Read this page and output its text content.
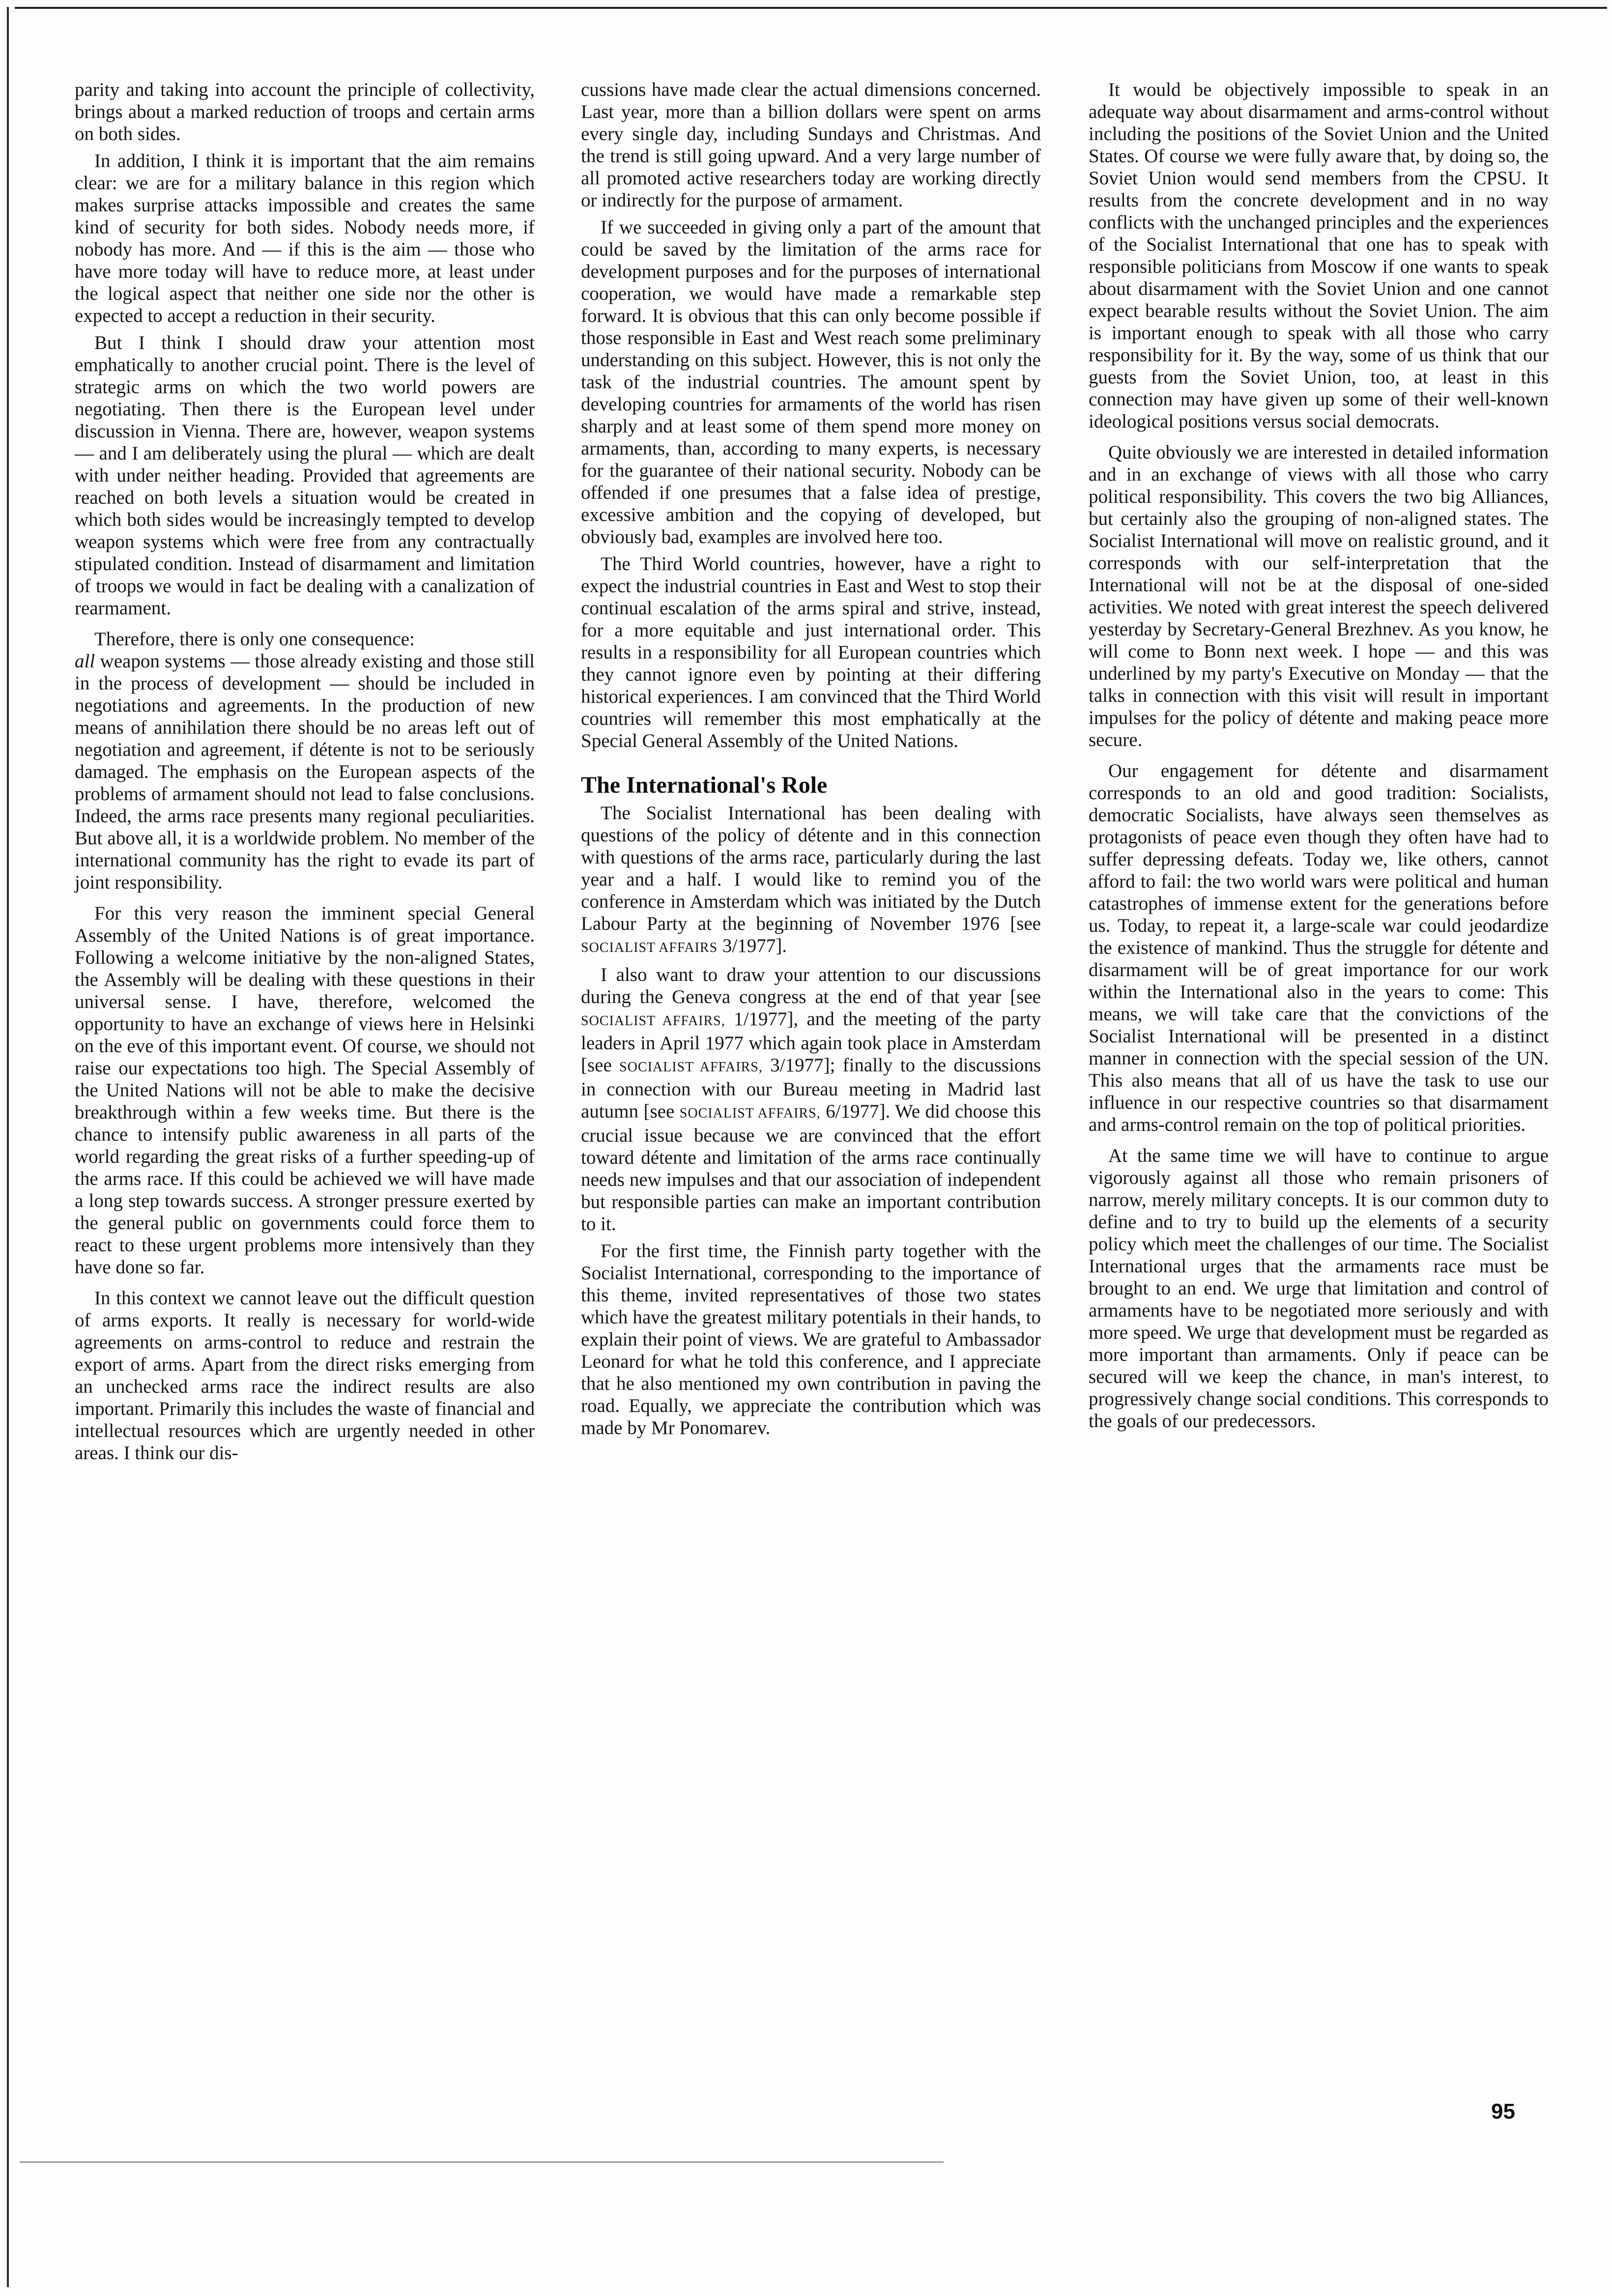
parity and taking into account the principle of collectivity, brings about a marked reduction of troops and certain arms on both sides.

In addition, I think it is important that the aim remains clear: we are for a military balance in this region which makes surprise attacks impossible and creates the same kind of security for both sides. Nobody needs more, if nobody has more. And — if this is the aim — those who have more today will have to reduce more, at least under the logical aspect that neither one side nor the other is expected to accept a reduction in their security.

But I think I should draw your attention most emphatically to another crucial point. There is the level of strategic arms on which the two world powers are negotiating. Then there is the European level under discussion in Vienna. There are, however, weapon systems — and I am deliberately using the plural — which are dealt with under neither heading. Provided that agreements are reached on both levels a situation would be created in which both sides would be increasingly tempted to develop weapon systems which were free from any contractually stipulated condition. Instead of disarmament and limitation of troops we would in fact be dealing with a canalization of rearmament.

Therefore, there is only one consequence:
all weapon systems — those already existing and those still in the process of development — should be included in negotiations and agreements. In the production of new means of annihilation there should be no areas left out of negotiation and agreement, if détente is not to be seriously damaged. The emphasis on the European aspects of the problems of armament should not lead to false conclusions. Indeed, the arms race presents many regional peculiarities. But above all, it is a worldwide problem. No member of the international community has the right to evade its part of joint responsibility.

For this very reason the imminent special General Assembly of the United Nations is of great importance. Following a welcome initiative by the non-aligned States, the Assembly will be dealing with these questions in their universal sense. I have, therefore, welcomed the opportunity to have an exchange of views here in Helsinki on the eve of this important event. Of course, we should not raise our expectations too high. The Special Assembly of the United Nations will not be able to make the decisive breakthrough within a few weeks time. But there is the chance to intensify public awareness in all parts of the world regarding the great risks of a further speeding-up of the arms race. If this could be achieved we will have made a long step towards success. A stronger pressure exerted by the general public on governments could force them to react to these urgent problems more intensively than they have done so far.

In this context we cannot leave out the difficult question of arms exports. It really is necessary for world-wide agreements on arms-control to reduce and restrain the export of arms. Apart from the direct risks emerging from an unchecked arms race the indirect results are also important. Primarily this includes the waste of financial and intellectual resources which are urgently needed in other areas. I think our dis-

cussions have made clear the actual dimensions concerned. Last year, more than a billion dollars were spent on arms every single day, including Sundays and Christmas. And the trend is still going upward. And a very large number of all promoted active researchers today are working directly or indirectly for the purpose of armament.

If we succeeded in giving only a part of the amount that could be saved by the limitation of the arms race for development purposes and for the purposes of international cooperation, we would have made a remarkable step forward. It is obvious that this can only become possible if those responsible in East and West reach some preliminary understanding on this subject. However, this is not only the task of the industrial countries. The amount spent by developing countries for armaments of the world has risen sharply and at least some of them spend more money on armaments, than, according to many experts, is necessary for the guarantee of their national security. Nobody can be offended if one presumes that a false idea of prestige, excessive ambition and the copying of developed, but obviously bad, examples are involved here too.

The Third World countries, however, have a right to expect the industrial countries in East and West to stop their continual escalation of the arms spiral and strive, instead, for a more equitable and just international order. This results in a responsibility for all European countries which they cannot ignore even by pointing at their differing historical experiences. I am convinced that the Third World countries will remember this most emphatically at the Special General Assembly of the United Nations.

The International's Role

The Socialist International has been dealing with questions of the policy of détente and in this connection with questions of the arms race, particularly during the last year and a half. I would like to remind you of the conference in Amsterdam which was initiated by the Dutch Labour Party at the beginning of November 1976 [see SOCIALIST AFFAIRS 3/1977].

I also want to draw your attention to our discussions during the Geneva congress at the end of that year [see SOCIALIST AFFAIRS, 1/1977], and the meeting of the party leaders in April 1977 which again took place in Amsterdam [see SOCIALIST AFFAIRS, 3/1977]; finally to the discussions in connection with our Bureau meeting in Madrid last autumn [see SOCIALIST AFFAIRS, 6/1977]. We did choose this crucial issue because we are convinced that the effort toward détente and limitation of the arms race continually needs new impulses and that our association of independent but responsible parties can make an important contribution to it.

For the first time, the Finnish party together with the Socialist International, corresponding to the importance of this theme, invited representatives of those two states which have the greatest military potentials in their hands, to explain their point of views. We are grateful to Ambassador Leonard for what he told this conference, and I appreciate that he also mentioned my own contribution in paving the road. Equally, we appreciate the contribution which was made by Mr Ponomarev.

It would be objectively impossible to speak in an adequate way about disarmament and arms-control without including the positions of the Soviet Union and the United States. Of course we were fully aware that, by doing so, the Soviet Union would send members from the CPSU. It results from the concrete development and in no way conflicts with the unchanged principles and the experiences of the Socialist International that one has to speak with responsible politicians from Moscow if one wants to speak about disarmament with the Soviet Union and one cannot expect bearable results without the Soviet Union. The aim is important enough to speak with all those who carry responsibility for it. By the way, some of us think that our guests from the Soviet Union, too, at least in this connection may have given up some of their well-known ideological positions versus social democrats.

Quite obviously we are interested in detailed information and in an exchange of views with all those who carry political responsibility. This covers the two big Alliances, but certainly also the grouping of non-aligned states. The Socialist International will move on realistic ground, and it corresponds with our self-interpretation that the International will not be at the disposal of one-sided activities. We noted with great interest the speech delivered yesterday by Secretary-General Brezhnev. As you know, he will come to Bonn next week. I hope — and this was underlined by my party's Executive on Monday — that the talks in connection with this visit will result in important impulses for the policy of détente and making peace more secure.

Our engagement for détente and disarmament corresponds to an old and good tradition: Socialists, democratic Socialists, have always seen themselves as protagonists of peace even though they often have had to suffer depressing defeats. Today we, like others, cannot afford to fail: the two world wars were political and human catastrophes of immense extent for the generations before us. Today, to repeat it, a large-scale war could jeodardize the existence of mankind. Thus the struggle for détente and disarmament will be of great importance for our work within the International also in the years to come: This means, we will take care that the convictions of the Socialist International will be presented in a distinct manner in connection with the special session of the UN. This also means that all of us have the task to use our influence in our respective countries so that disarmament and arms-control remain on the top of political priorities.

At the same time we will have to continue to argue vigorously against all those who remain prisoners of narrow, merely military concepts. It is our common duty to define and to try to build up the elements of a security policy which meet the challenges of our time. The Socialist International urges that the armaments race must be brought to an end. We urge that limitation and control of armaments have to be negotiated more seriously and with more speed. We urge that development must be regarded as more important than armaments. Only if peace can be secured will we keep the chance, in man's interest, to progressively change social conditions. This corresponds to the goals of our predecessors.

95
